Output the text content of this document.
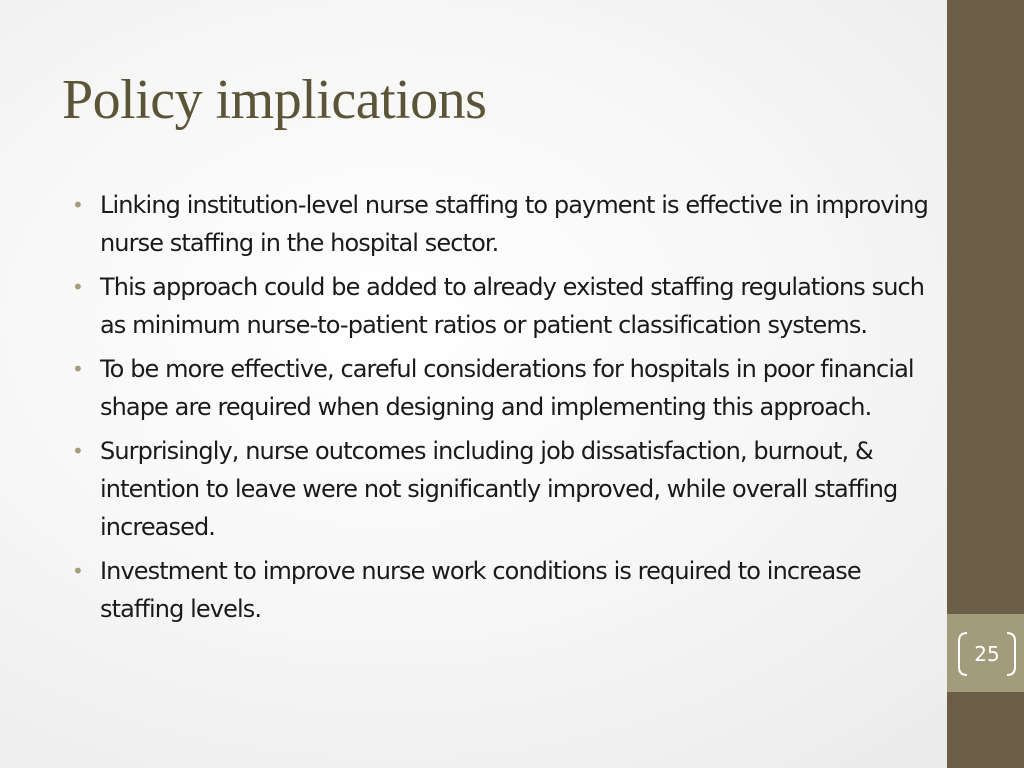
Policy implications
• Linking institution-level nurse staffing to payment is effective in improving nurse staffing in the hospital sector.
• This approach could be added to already existed staffing regulations such as minimum nurse-to-patient ratios or patient classification systems.
• To be more effective, careful considerations for hospitals in poor financial shape are required when designing and implementing this approach.
• Surprisingly, nurse outcomes including job dissatisfaction, burnout, & intention to leave were not significantly improved, while overall staffing increased.
• Investment to improve nurse work conditions is required to increase staffing levels.
25
